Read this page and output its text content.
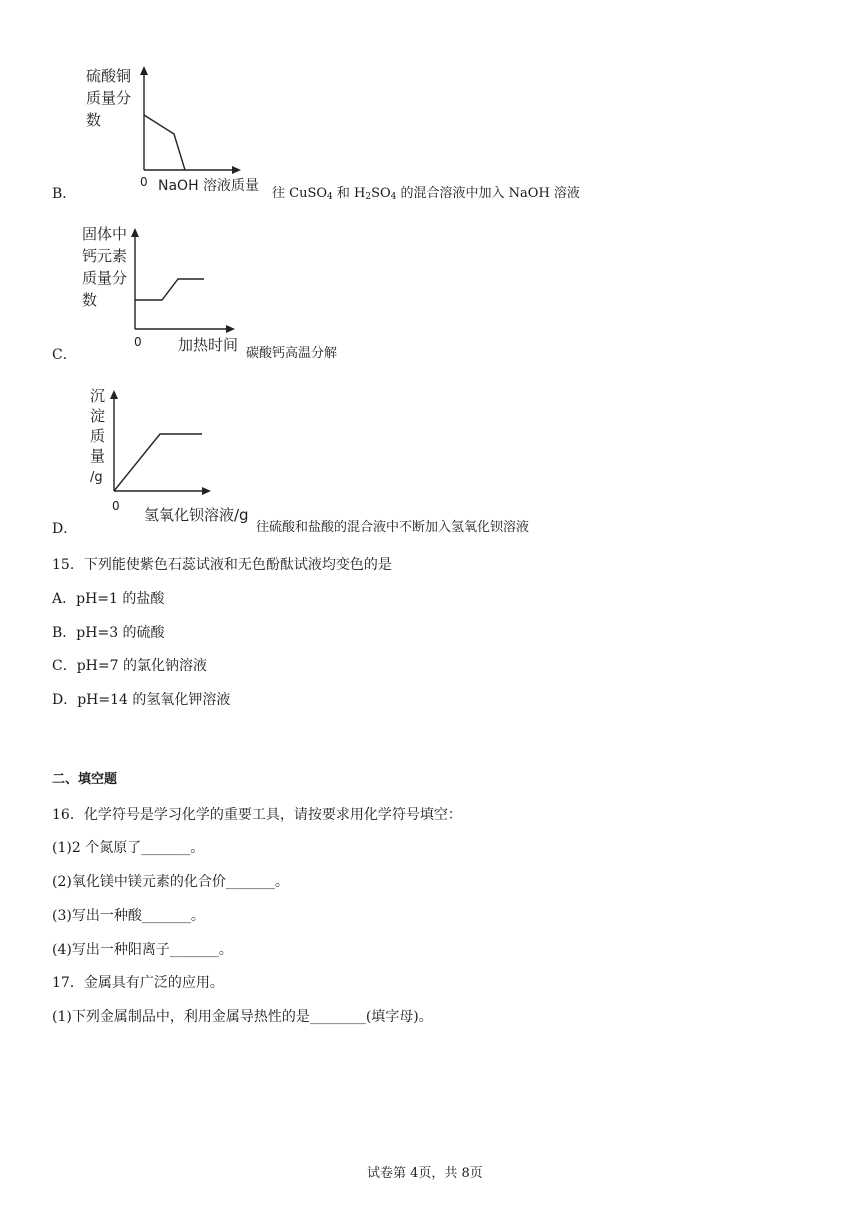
B．
硫酸铜
质量分
数
0 NaOH 溶液质量 往 CuSO$_4$ 和 $H_2SO_4$ 的混合溶液中加入 NaOH 溶液
C．
固体中
钙元素
质量分
数
0 加热时间 碳酸钙高温分解
D．
沉
淀
质
量
/g
0 氢氧化钡溶液/g
往硫酸和盐酸的混合液中不断加入氢氧化钡溶液
15．下列能使紫色石蕊试液和无色酚酞试液均变色的是
A．pH=1 的盐酸
B．pH=3 的硫酸
C．pH=7 的氯化钠溶液
D．pH=14 的氢氧化钾溶液
二、填空题
16．化学符号是学习化学的重要工具，请按要求用化学符号填空：
(1)2 个氮原了_______。
(2)氧化镁中镁元素的化合价_______。
(3)写出一种酸_______。
(4)写出一种阳离子_______。
17．金属具有广泛的应用。
(1)下列金属制品中，利用金属导热性的是________(填字母)。
试卷第 4页，共 8页
